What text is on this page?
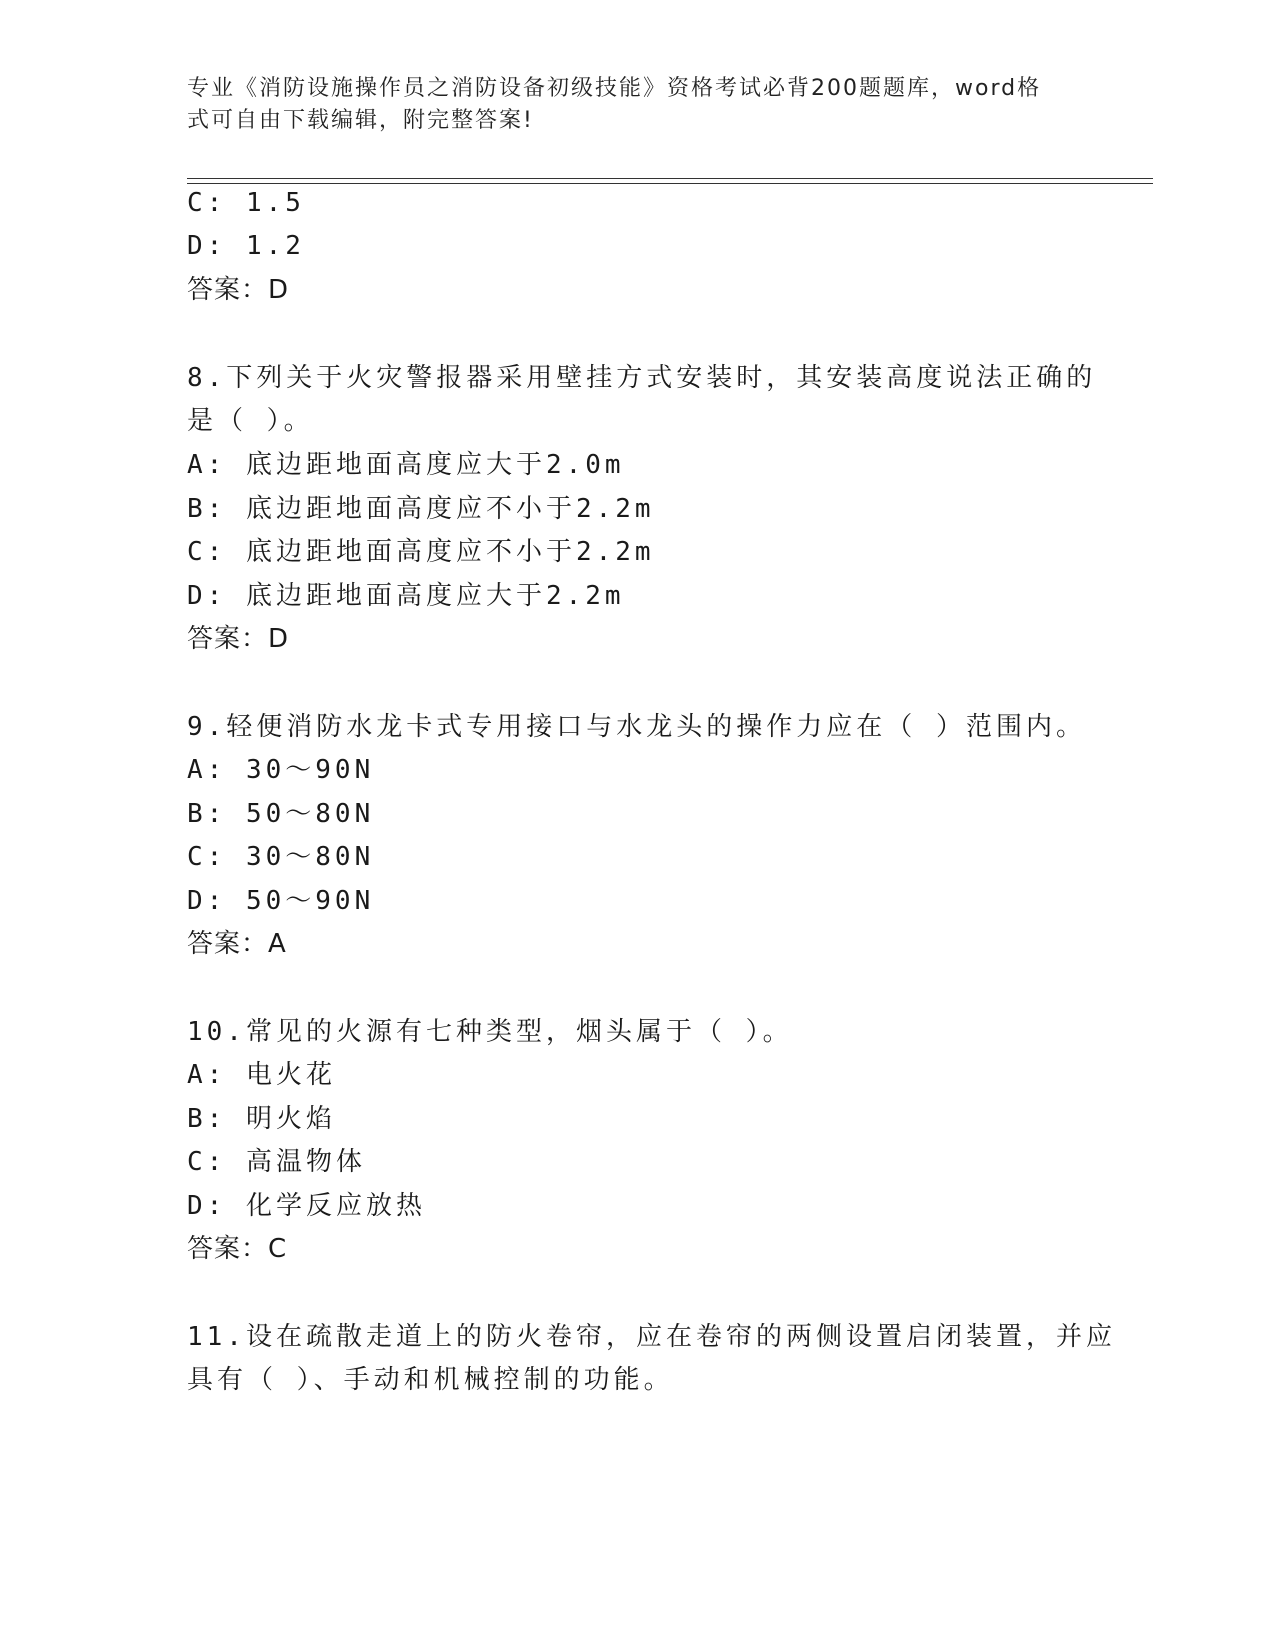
专业《消防设施操作员之消防设备初级技能》资格考试必背200题题库，word格
式可自由下载编辑，附完整答案!
C: 1.5
D: 1.2
答案：D
8.下列关于火灾警报器采用壁挂方式安装时，其安装高度说法正确的
是（ ）。
A: 底边距地面高度应大于2.0m
B: 底边距地面高度应不小于2.2m
C: 底边距地面高度应不小于2.2m
D: 底边距地面高度应大于2.2m
答案：D
9.轻便消防水龙卡式专用接口与水龙头的操作力应在（ ）范围内。
A: 30～90N
B: 50～80N
C: 30～80N
D: 50～90N
答案：A
10.常见的火源有七种类型，烟头属于（ ）。
A: 电火花
B: 明火焰
C: 高温物体
D: 化学反应放热
答案：C
11.设在疏散走道上的防火卷帘，应在卷帘的两侧设置启闭装置，并应
具有（ ）、手动和机械控制的功能。
